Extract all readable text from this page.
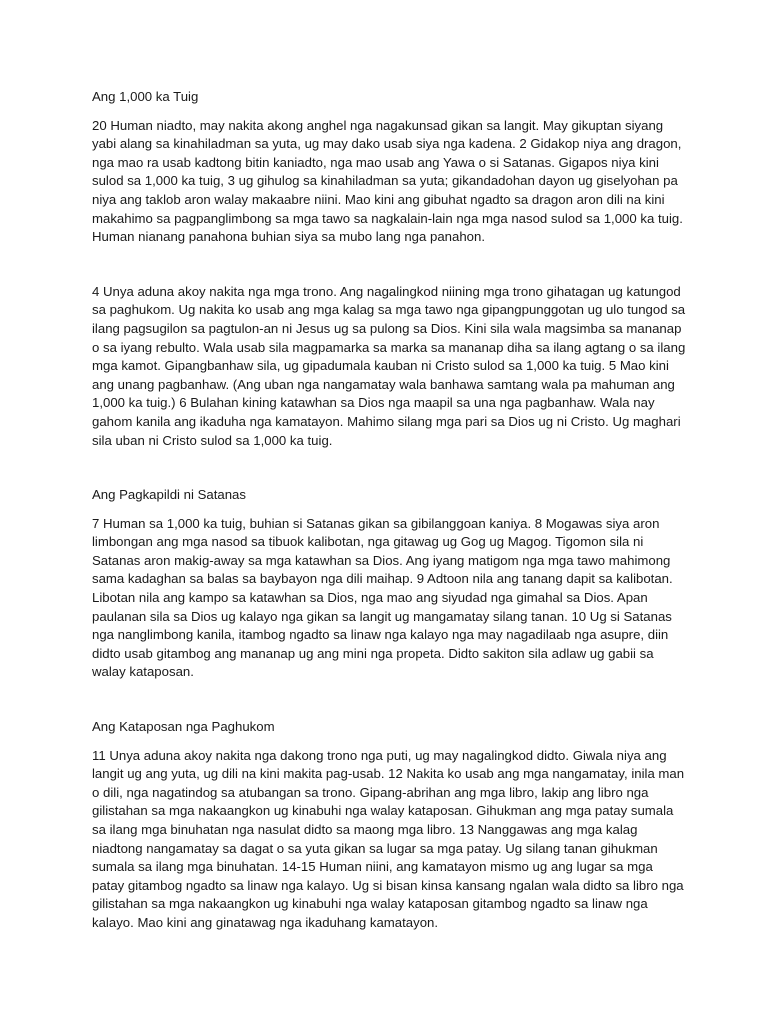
Ang 1,000 ka Tuig

20 Human niadto, may nakita akong anghel nga nagakunsad gikan sa langit. May gikuptan siyang yabi alang sa kinahiladman sa yuta, ug may dako usab siya nga kadena. 2 Gidakop niya ang dragon, nga mao ra usab kadtong bitin kaniadto, nga mao usab ang Yawa o si Satanas. Gigapos niya kini sulod sa 1,000 ka tuig, 3 ug gihulog sa kinahiladman sa yuta; gikandadohan dayon ug giselyohan pa niya ang taklob aron walay makaabre niini. Mao kini ang gibuhat ngadto sa dragon aron dili na kini makahimo sa pagpanglimbong sa mga tawo sa nagkalain-lain nga mga nasod sulod sa 1,000 ka tuig. Human nianang panahona buhian siya sa mubo lang nga panahon.

4 Unya aduna akoy nakita nga mga trono. Ang nagalingkod niining mga trono gihatagan ug katungod sa paghukom. Ug nakita ko usab ang mga kalag sa mga tawo nga gipangpunggotan ug ulo tungod sa ilang pagsugilon sa pagtulon-an ni Jesus ug sa pulong sa Dios. Kini sila wala magsimba sa mananap o sa iyang rebulto. Wala usab sila magpamarka sa marka sa mananap diha sa ilang agtang o sa ilang mga kamot. Gipangbanhaw sila, ug gipadumala kauban ni Cristo sulod sa 1,000 ka tuig. 5 Mao kini ang unang pagbanhaw. (Ang uban nga nangamatay wala banhawa samtang wala pa mahuman ang 1,000 ka tuig.) 6 Bulahan kining katawhan sa Dios nga maapil sa una nga pagbanhaw. Wala nay gahom kanila ang ikaduha nga kamatayon. Mahimo silang mga pari sa Dios ug ni Cristo. Ug maghari sila uban ni Cristo sulod sa 1,000 ka tuig.

Ang Pagkapildi ni Satanas

7 Human sa 1,000 ka tuig, buhian si Satanas gikan sa gibilanggoan kaniya. 8 Mogawas siya aron limbongan ang mga nasod sa tibuok kalibotan, nga gitawag ug Gog ug Magog. Tigomon sila ni Satanas aron makig-away sa mga katawhan sa Dios. Ang iyang matigom nga mga tawo mahimong sama kadaghan sa balas sa baybayon nga dili maihap. 9 Adtoon nila ang tanang dapit sa kalibotan. Libotan nila ang kampo sa katawhan sa Dios, nga mao ang siyudad nga gimahal sa Dios. Apan paulanan sila sa Dios ug kalayo nga gikan sa langit ug mangamatay silang tanan. 10 Ug si Satanas nga nanglimbong kanila, itambog ngadto sa linaw nga kalayo nga may nagadilaab nga asupre, diin didto usab gitambog ang mananap ug ang mini nga propeta. Didto sakiton sila adlaw ug gabii sa walay kataposan.

Ang Kataposan nga Paghukom

11 Unya aduna akoy nakita nga dakong trono nga puti, ug may nagalingkod didto. Giwala niya ang langit ug ang yuta, ug dili na kini makita pag-usab. 12 Nakita ko usab ang mga nangamatay, inila man o dili, nga nagatindog sa atubangan sa trono. Gipang-abrihan ang mga libro, lakip ang libro nga gilistahan sa mga nakaangkon ug kinabuhi nga walay kataposan. Gihukman ang mga patay sumala sa ilang mga binuhatan nga nasulat didto sa maong mga libro. 13 Nanggawas ang mga kalag niadtong nangamatay sa dagat o sa yuta gikan sa lugar sa mga patay. Ug silang tanan gihukman sumala sa ilang mga binuhatan. 14-15 Human niini, ang kamatayon mismo ug ang lugar sa mga patay gitambog ngadto sa linaw nga kalayo. Ug si bisan kinsa kansang ngalan wala didto sa libro nga gilistahan sa mga nakaangkon ug kinabuhi nga walay kataposan gitambog ngadto sa linaw nga kalayo. Mao kini ang ginatawag nga ikaduhang kamatayon.
